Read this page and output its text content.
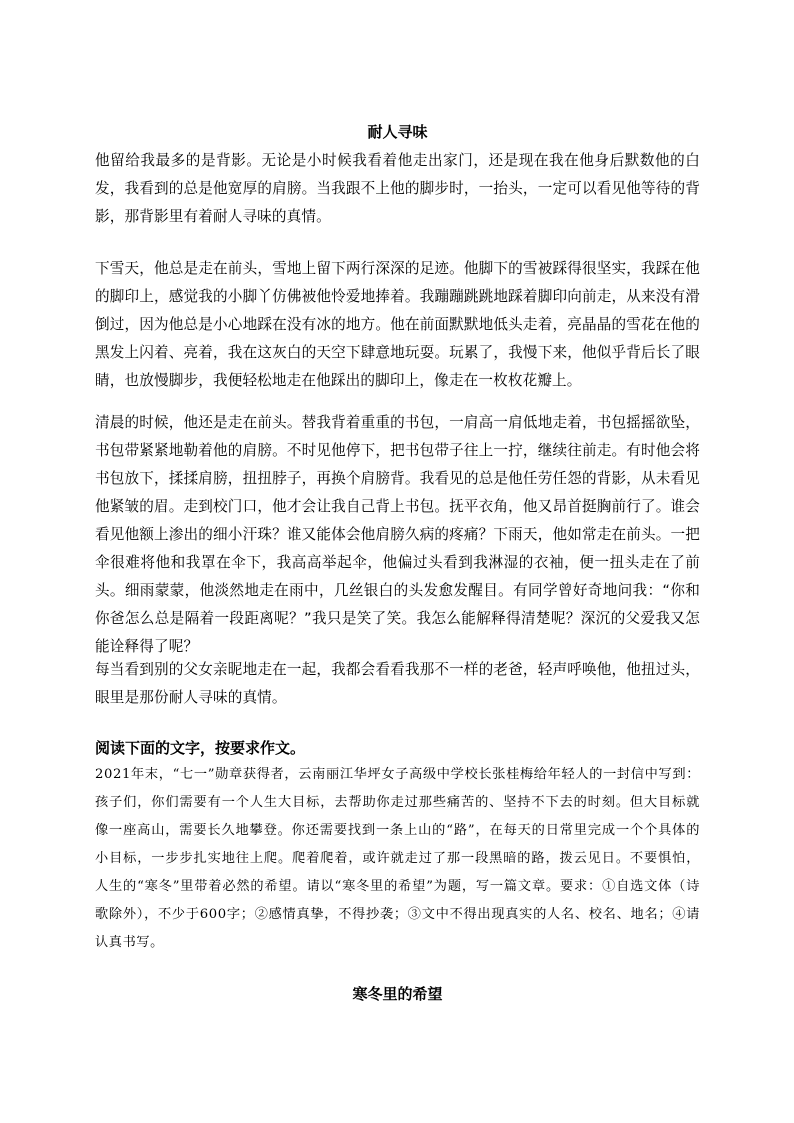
耐人寻味

他留给我最多的是背影。无论是小时候我看着他走出家门，还是现在我在他身后默数他的白发，我看到的总是他宽厚的肩膀。当我跟不上他的脚步时，一抬头，一定可以看见他等待的背影，那背影里有着耐人寻味的真情。

下雪天，他总是走在前头，雪地上留下两行深深的足迹。他脚下的雪被踩得很坚实，我踩在他的脚印上，感觉我的小脚丫仿佛被他怜爱地捧着。我蹦蹦跳跳地踩着脚印向前走，从来没有滑倒过，因为他总是小心地踩在没有冰的地方。他在前面默默地低头走着，亮晶晶的雪花在他的黑发上闪着、亮着，我在这灰白的天空下肆意地玩耍。玩累了，我慢下来，他似乎背后长了眼睛，也放慢脚步，我便轻松地走在他踩出的脚印上，像走在一枚枚花瓣上。

清晨的时候，他还是走在前头。替我背着重重的书包，一肩高一肩低地走着，书包摇摇欲坠，书包带紧紧地勒着他的肩膀。不时见他停下，把书包带子往上一拧，继续往前走。有时他会将书包放下，揉揉肩膀，扭扭脖子，再换个肩膀背。我看见的总是他任劳任怨的背影，从未看见他紧皱的眉。走到校门口，他才会让我自己背上书包。抚平衣角，他又昂首挺胸前行了。谁会看见他额上渗出的细小汗珠？谁又能体会他肩膀久病的疼痛？下雨天，他如常走在前头。一把伞很难将他和我罩在伞下，我高高举起伞，他偏过头看到我淋湿的衣袖，便一扭头走在了前头。细雨蒙蒙，他淡然地走在雨中，几丝银白的头发愈发醒目。有同学曾好奇地问我：“你和你爸怎么总是隔着一段距离呢？”我只是笑了笑。我怎么能解释得清楚呢？深沉的父爱我又怎能诠释得了呢？

每当看到别的父女亲昵地走在一起，我都会看看我那不一样的老爸，轻声呼唤他，他扭过头，眼里是那份耐人寻味的真情。

阅读下面的文字，按要求作文。

2021年末，“七一”勋章获得者，云南丽江华坪女子高级中学校长张桂梅给年轻人的一封信中写到：孩子们，你们需要有一个人生大目标，去帮助你走过那些痛苦的、坚持不下去的时刻。但大目标就像一座高山，需要长久地攀登。你还需要找到一条上山的“路”，在每天的日常里完成一个个具体的小目标，一步步扎实地往上爬。爬着爬着，或许就走过了那一段黑暗的路，拨云见日。不要惧怕，人生的“寒冬”里带着必然的希望。请以“寒冬里的希望”为题，写一篇文章。要求：①自选文体（诗歌除外），不少于600字；②感情真挚，不得抄袭；③文中不得出现真实的人名、校名、地名；④请认真书写。

寒冬里的希望
